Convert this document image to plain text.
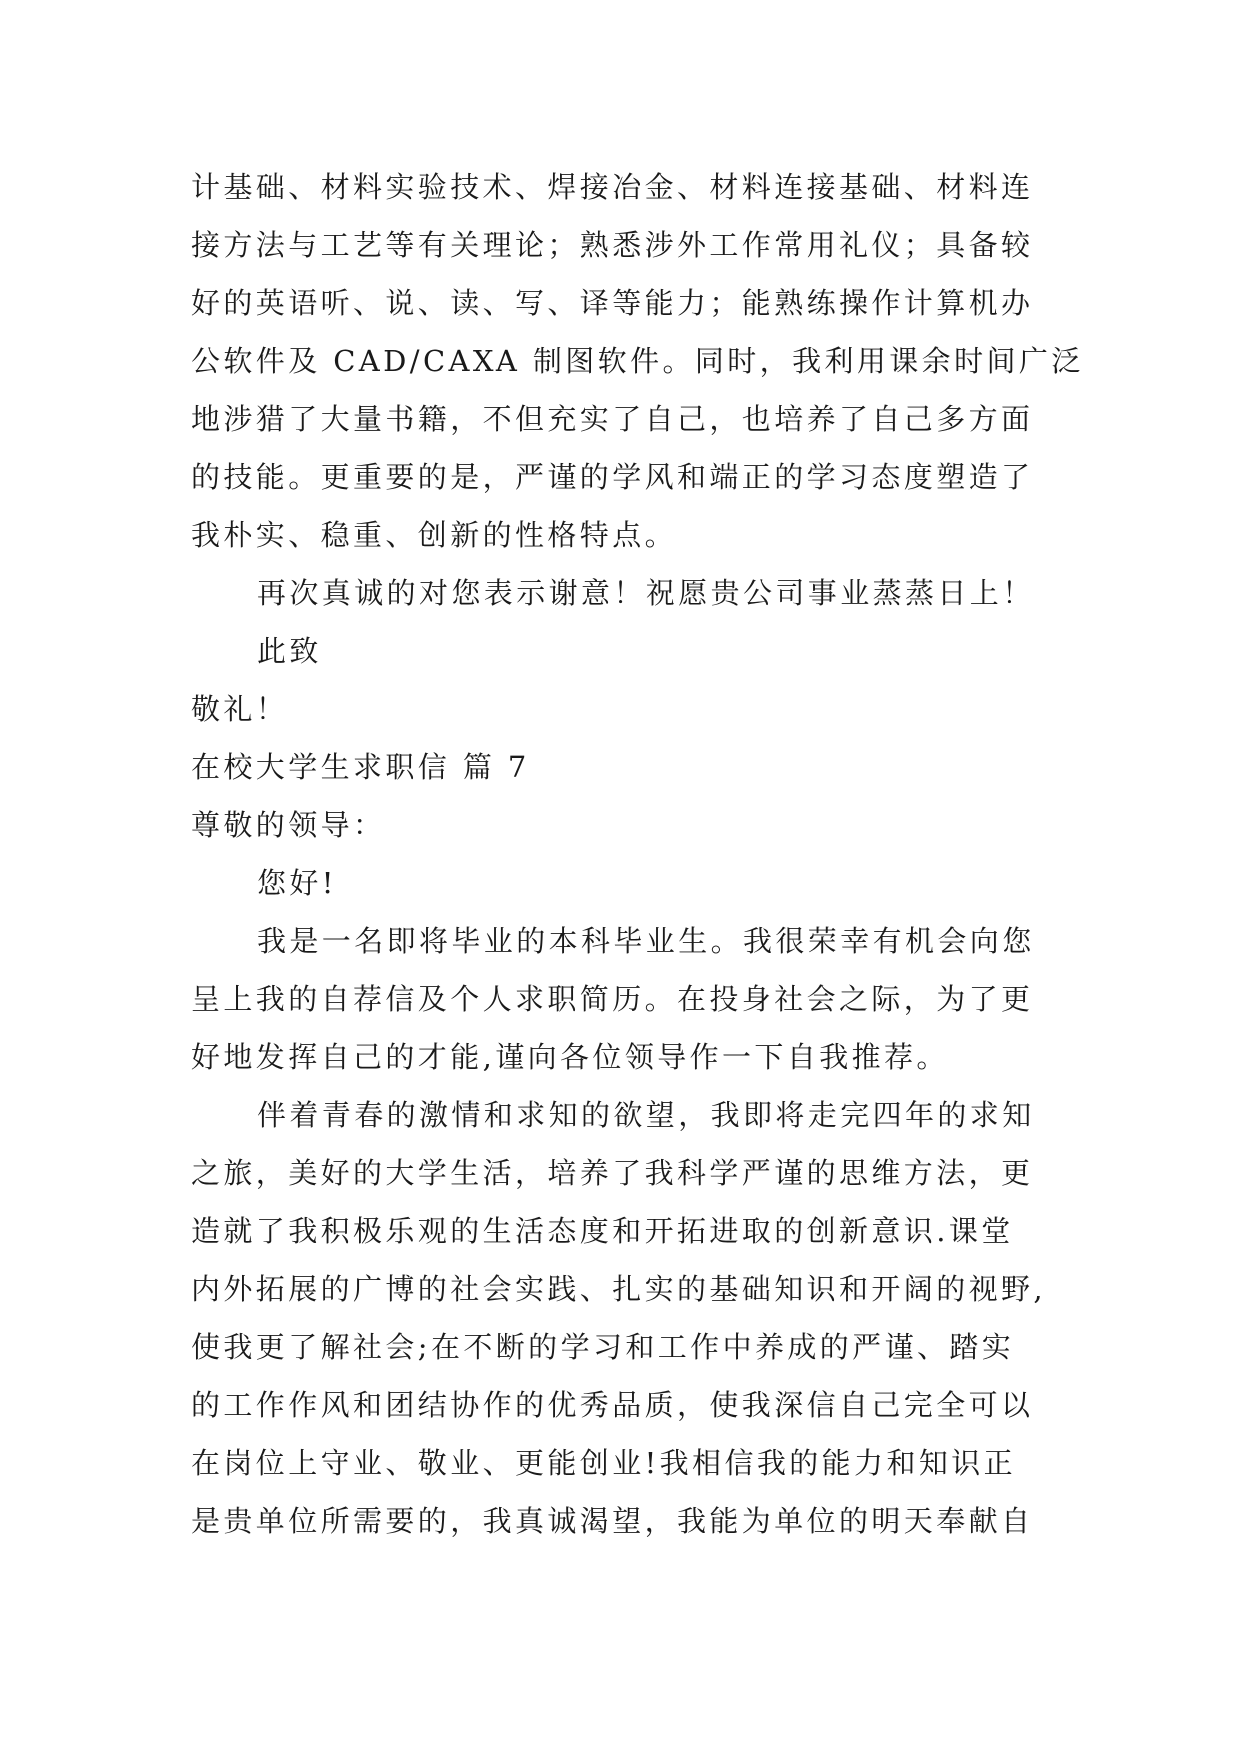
计基础、材料实验技术、焊接冶金、材料连接基础、材料连
接方法与工艺等有关理论；熟悉涉外工作常用礼仪；具备较
好的英语听、说、读、写、译等能力；能熟练操作计算机办
公软件及 CAD/CAXA 制图软件。同时，我利用课余时间广泛
地涉猎了大量书籍，不但充实了自己，也培养了自己多方面
的技能。更重要的是，严谨的学风和端正的学习态度塑造了
我朴实、稳重、创新的性格特点。
再次真诚的对您表示谢意！祝愿贵公司事业蒸蒸日上！
此致
敬礼！
在校大学生求职信 篇 7
尊敬的领导：
您好!
我是一名即将毕业的本科毕业生。我很荣幸有机会向您
呈上我的自荐信及个人求职简历。在投身社会之际，为了更
好地发挥自己的才能,谨向各位领导作一下自我推荐。
伴着青春的激情和求知的欲望，我即将走完四年的求知
之旅，美好的大学生活，培养了我科学严谨的思维方法，更
造就了我积极乐观的生活态度和开拓进取的创新意识.课堂
内外拓展的广博的社会实践、扎实的基础知识和开阔的视野,
使我更了解社会;在不断的学习和工作中养成的严谨、踏实
的工作作风和团结协作的优秀品质，使我深信自己完全可以
在岗位上守业、敬业、更能创业!我相信我的能力和知识正
是贵单位所需要的，我真诚渴望，我能为单位的明天奉献自
